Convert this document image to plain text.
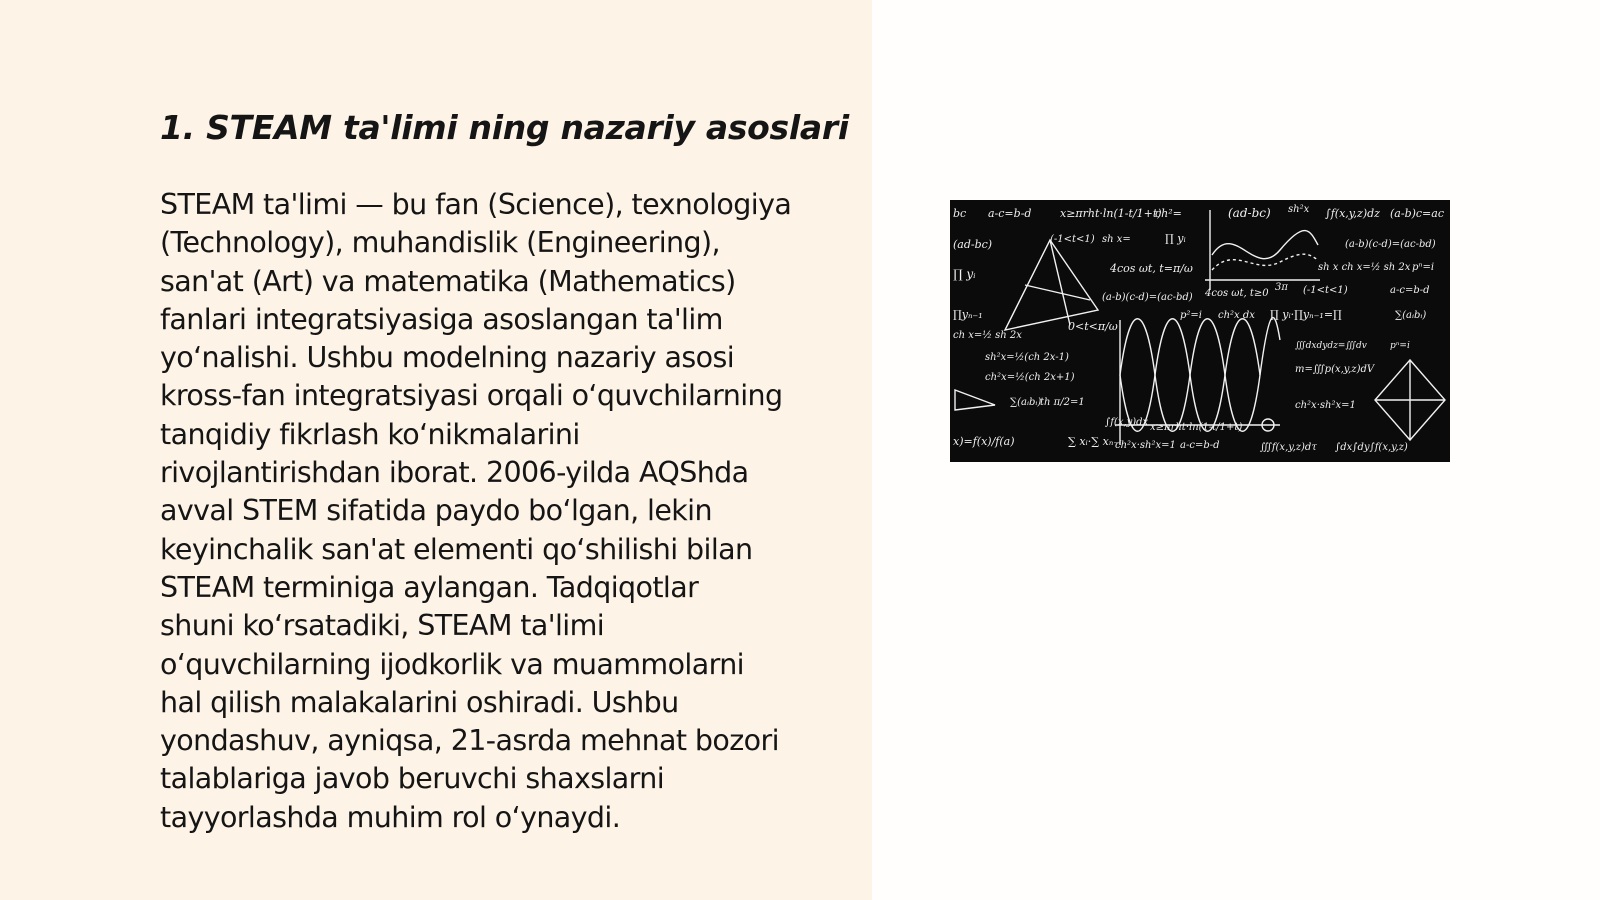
1. STEAM ta'limi ning nazariy asoslari
STEAM ta'limi — bu fan (Science), texnologiya
(Technology), muhandislik (Engineering),
san'at (Art) va matematika (Mathematics)
fanlari integratsiyasiga asoslangan ta'lim
yo‘nalishi. Ushbu modelning nazariy asosi
kross-fan integratsiyasi orqali o‘quvchilarning
tanqidiy fikrlash ko‘nikmalarini
rivojlantirishdan iborat. 2006-yilda AQShda
avval STEM sifatida paydo bo‘lgan, lekin
keyinchalik san'at elementi qo‘shilishi bilan
STEAM terminiga aylangan. Tadqiqotlar
shuni ko‘rsatadiki, STEAM ta'limi
o‘quvchilarning ijodkorlik va muammolarni
hal qilish malakalarini oshiradi. Ushbu
yondashuv, ayniqsa, 21-asrda mehnat bozori
talablariga javob beruvchi shaxslarni
tayyorlashda muhim rol o‘ynaydi.
bc a-c=b-d	x≥πrht·ln(1-t/1+t)
ch²=	(ad-bc) sh²x ∫f(x,y,z)dz (a-b)c=ac
(ad-bc)	(-1<t<1) sh x=	∏ yᵢ	(a-b)(c-d)=(ac-bd)
∏ yᵢ	4cos ωt, t=π/ω	sh x ch x=½ sh 2x pⁿ=i
(a-b)(c-d)=(ac-bd) 4cos ωt, t≥0
3π (-1<t<1)	a-c=b-d
∏yₙ₋₁
0<t<π/ω
p²=i ch²x dx ∏ yᵢ·∏yₙ₋₁=∏	∑(aᵢbᵢ)
ch x=½ sh 2x
∭dxdydz=∭dv
sh²x=½(ch 2x-1)
pⁿ=i
ch²x=½(ch 2x+1)
m=∭p(x,y,z)dV
∑(aᵢbᵢ)
th π/2=1	ch²x·sh²x=1
∫f(x,y)dx x≥πrht·ln(1-t/1+t)
x)=f(x)/f(a)	∑ xᵢ·∑ xₙ₋ᵢ
ch²x·sh²x=1 a-c=b-d	∭f(x,y,z)dτ ∫dx∫dy∫f(x,y,z)
